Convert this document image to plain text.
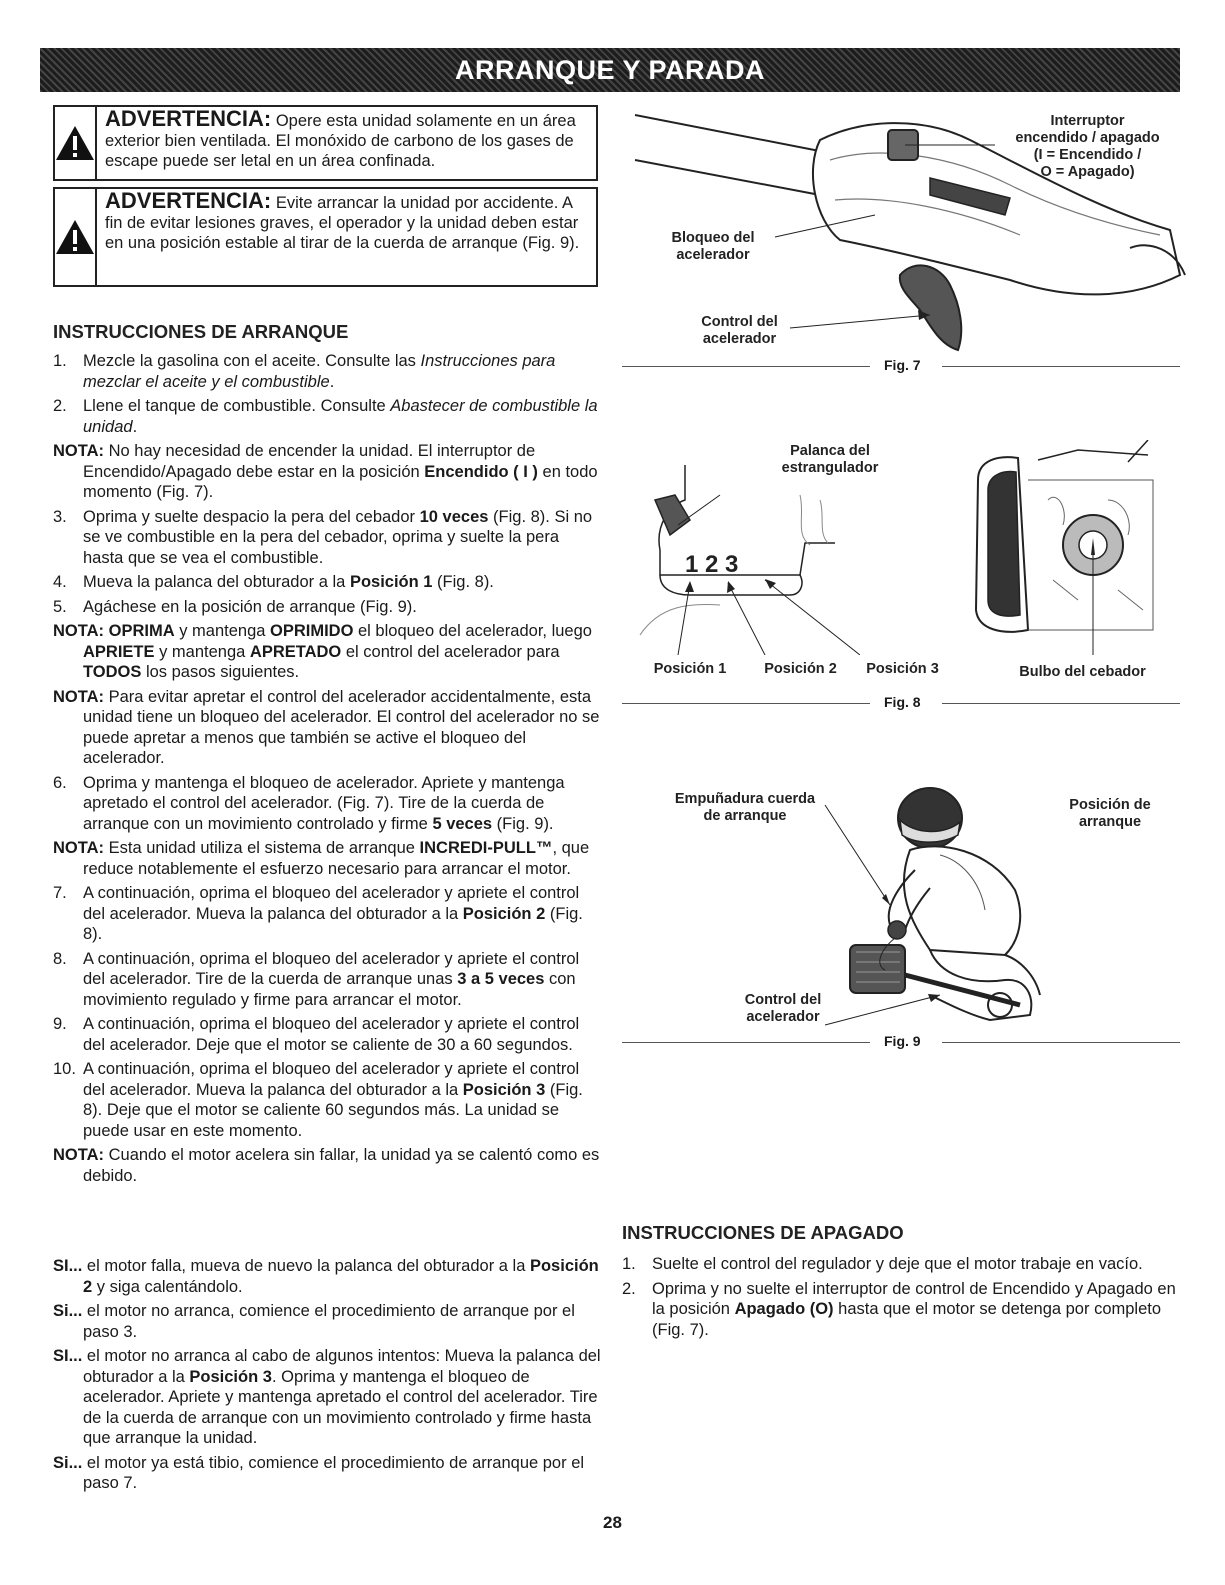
ARRANQUE Y PARADA
ADVERTENCIA: Opere esta unidad solamente en un área exterior bien ventilada. El monóxido de carbono de los gases de escape puede ser letal en un área confinada.
ADVERTENCIA: Evite arrancar la unidad por accidente. A fin de evitar lesiones graves, el operador y la unidad deben estar en una posición estable al tirar de la cuerda de arranque (Fig. 9).
INSTRUCCIONES DE ARRANQUE
1. Mezcle la gasolina con el aceite. Consulte las Instrucciones para mezclar el aceite y el combustible.
2. Llene el tanque de combustible. Consulte Abastecer de combustible la unidad.
NOTA: No hay necesidad de encender la unidad. El interruptor de Encendido/Apagado debe estar en la posición Encendido ( I ) en todo momento (Fig. 7).
3. Oprima y suelte despacio la pera del cebador 10 veces (Fig. 8). Si no se ve combustible en la pera del cebador, oprima y suelte la pera hasta que se vea el combustible.
4. Mueva la palanca del obturador a la Posición 1 (Fig. 8).
5. Agáchese en la posición de arranque (Fig. 9).
NOTA: OPRIMA y mantenga OPRIMIDO el bloqueo del acelerador, luego APRIETE y mantenga APRETADO el control del acelerador para TODOS los pasos siguientes.
NOTA: Para evitar apretar el control del acelerador accidentalmente, esta unidad tiene un bloqueo del acelerador. El control del acelerador no se puede apretar a menos que también se active el bloqueo del acelerador.
6. Oprima y mantenga el bloqueo de acelerador. Apriete y mantenga apretado el control del acelerador. (Fig. 7). Tire de la cuerda de arranque con un movimiento controlado y firme 5 veces (Fig. 9).
NOTA: Esta unidad utiliza el sistema de arranque INCREDI-PULL™, que reduce notablemente el esfuerzo necesario para arrancar el motor.
7. A continuación, oprima el bloqueo del acelerador y apriete el control del acelerador. Mueva la palanca del obturador a la Posición 2 (Fig. 8).
8. A continuación, oprima el bloqueo del acelerador y apriete el control del acelerador. Tire de la cuerda de arranque unas 3 a 5 veces con movimiento regulado y firme para arrancar el motor.
9. A continuación, oprima el bloqueo del acelerador y apriete el control del acelerador. Deje que el motor se caliente de 30 a 60 segundos.
10. A continuación, oprima el bloqueo del acelerador y apriete el control del acelerador. Mueva la palanca del obturador a la Posición 3 (Fig. 8). Deje que el motor se caliente 60 segundos más. La unidad se puede usar en este momento.
NOTA: Cuando el motor acelera sin fallar, la unidad ya se calentó como es debido.
SI... el motor falla, mueva de nuevo la palanca del obturador a la Posición 2 y siga calentándolo.
Si... el motor no arranca, comience el procedimiento de arranque por el paso 3.
SI... el motor no arranca al cabo de algunos intentos: Mueva la palanca del obturador a la Posición 3. Oprima y mantenga el bloqueo de acelerador. Apriete y mantenga apretado el control del acelerador. Tire de la cuerda de arranque con un movimiento controlado y firme hasta que arranque la unidad.
Si... el motor ya está tibio, comience el procedimiento de arranque por el paso 7.
Interruptor
encendido / apagado
(I = Encendido /
O = Apagado)
Bloqueo del
acelerador
Control del
acelerador
Fig. 7
1 2 3
Palanca del
estrangulador
Posición 1	Posición 2	Posición 3	Bulbo del cebador
Fig. 8
Empuñadura cuerda
de arranque
Posición de
arranque
Control del
acelerador
Fig. 9
INSTRUCCIONES DE APAGADO
1. Suelte el control del regulador y deje que el motor trabaje en vacío.
2. Oprima y no suelte el interruptor de control de Encendido y Apagado en la posición Apagado (O) hasta que el motor se detenga por completo (Fig. 7).
28
